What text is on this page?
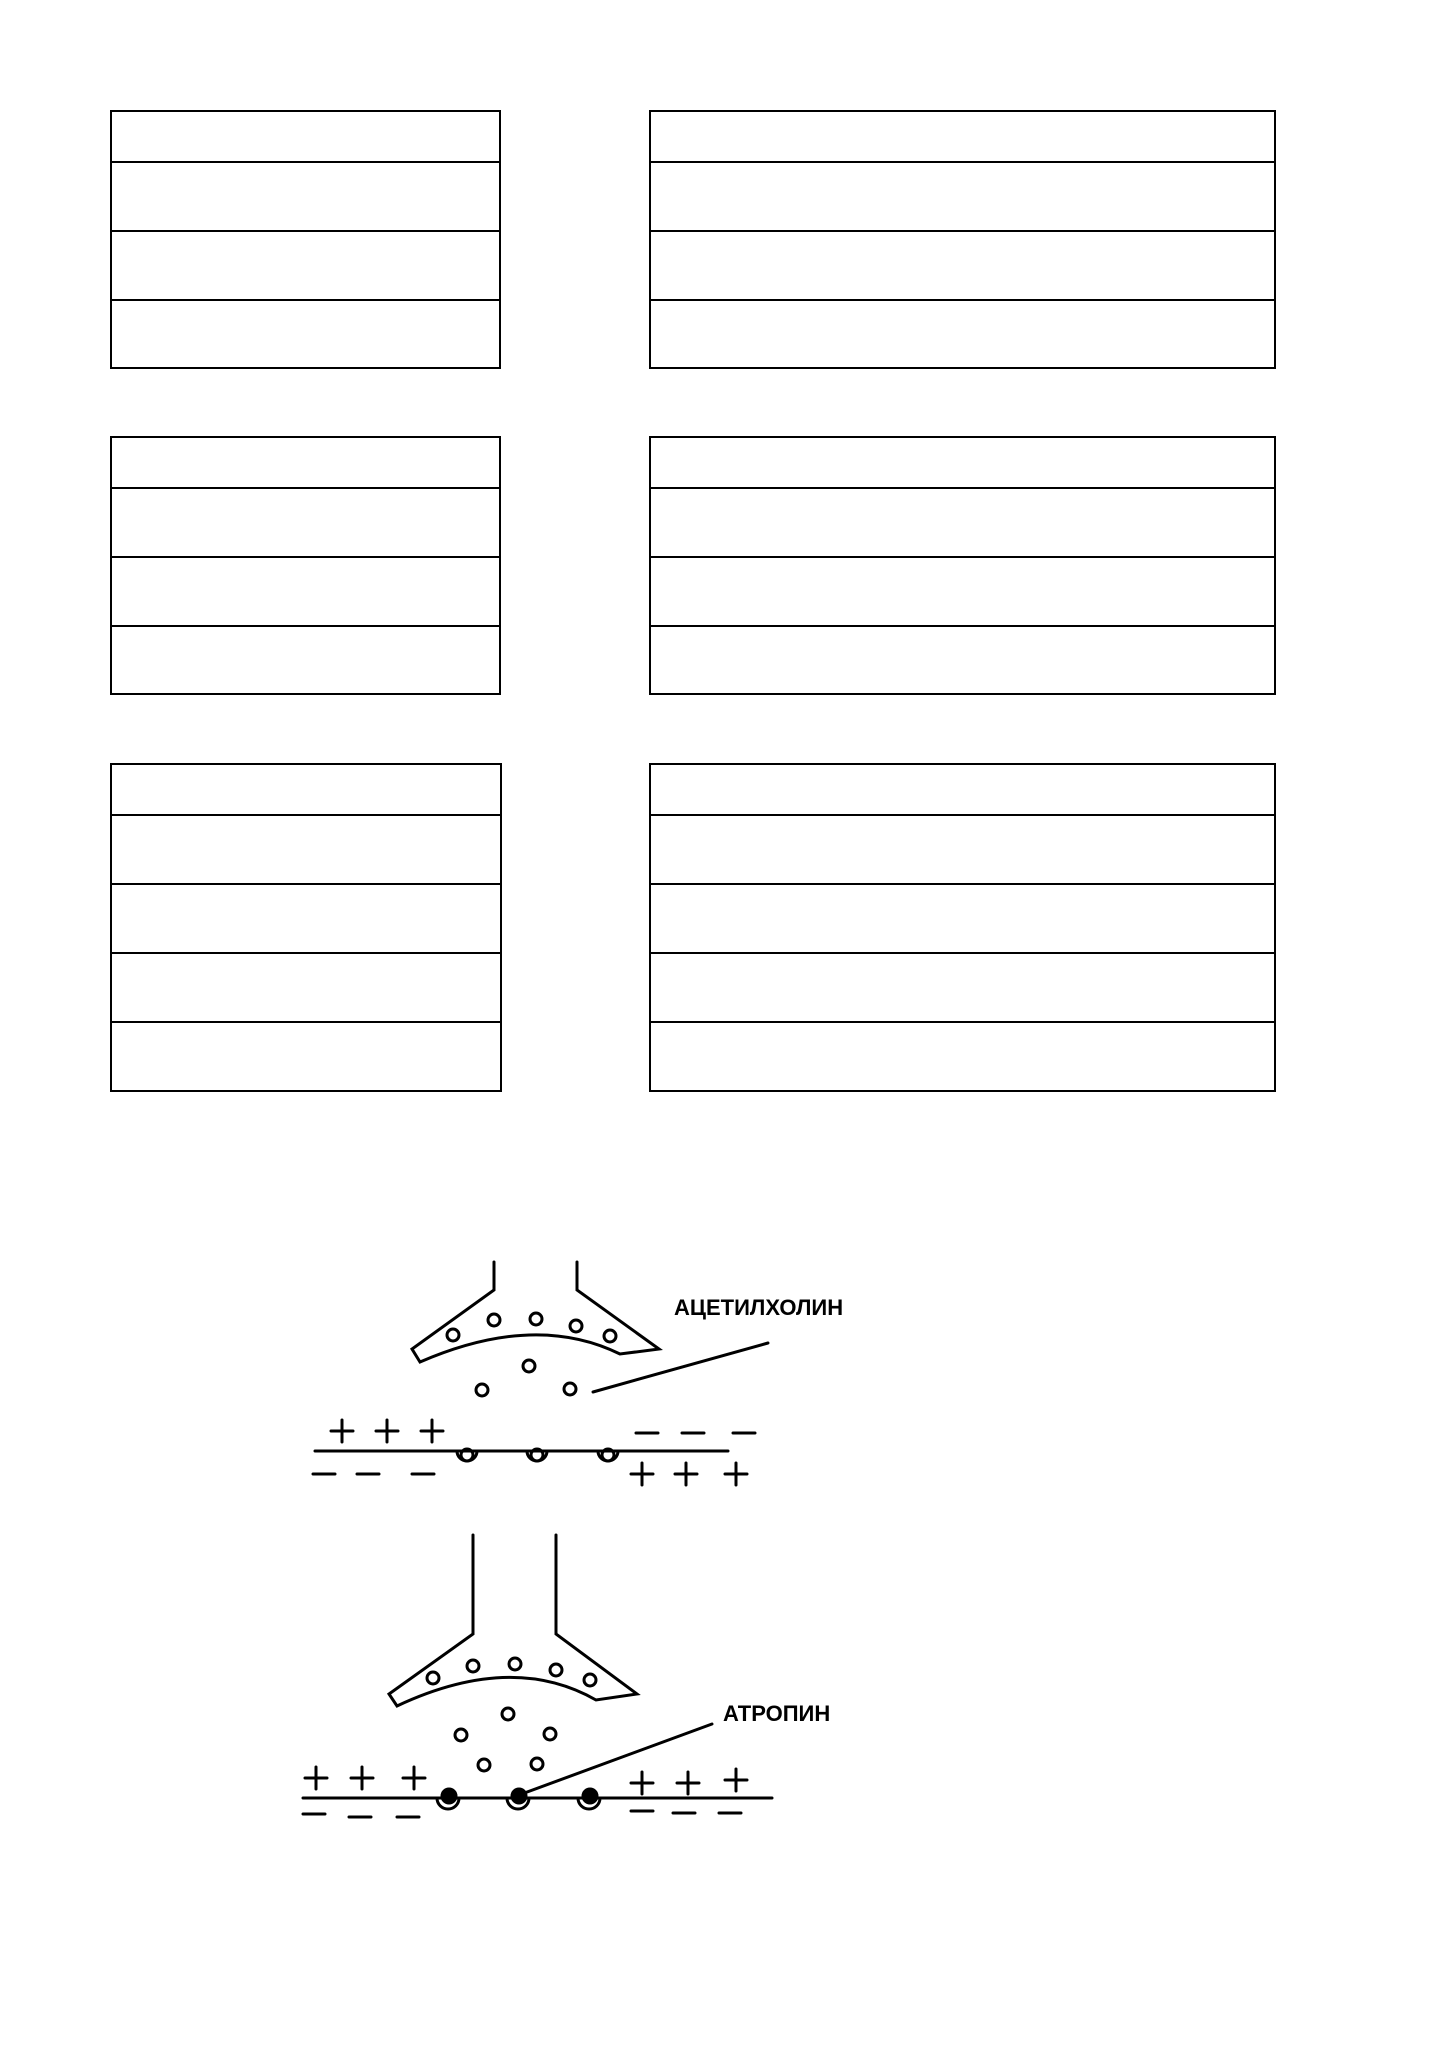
АЦЕТИЛХОЛИН
АТРОПИН
